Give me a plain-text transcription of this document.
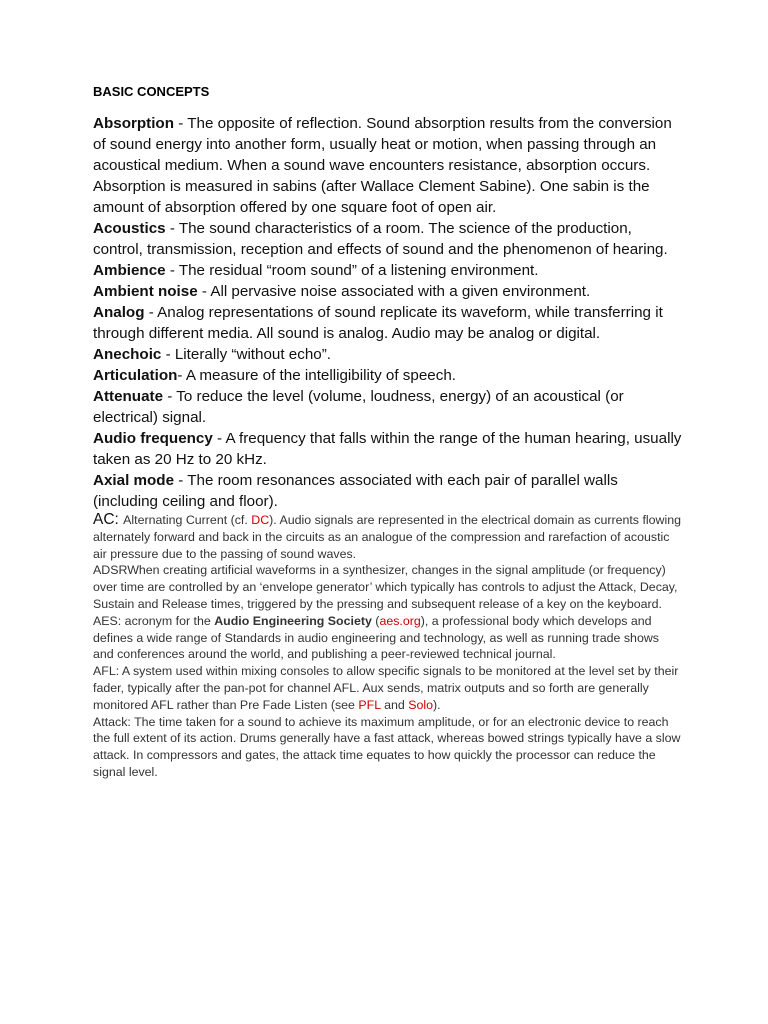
BASIC CONCEPTS

Absorption - The opposite of reflection. Sound absorption results from the conversion of sound energy into another form, usually heat or motion, when passing through an acoustical medium. When a sound wave encounters resistance, absorption occurs. Absorption is measured in sabins (after Wallace Clement Sabine). One sabin is the amount of absorption offered by one square foot of open air.

Acoustics - The sound characteristics of a room. The science of the production, control, transmission, reception and effects of sound and the phenomenon of hearing.

Ambience - The residual “room sound” of a listening environment.

Ambient noise - All pervasive noise associated with a given environment.

Analog - Analog representations of sound replicate its waveform, while transferring it through different media. All sound is analog. Audio may be analog or digital.

Anechoic - Literally “without echo”.

Articulation- A measure of the intelligibility of speech.

Attenuate - To reduce the level (volume, loudness, energy) of an acoustical (or electrical) signal.

Audio frequency - A frequency that falls within the range of the human hearing, usually taken as 20 Hz to 20 kHz.

Axial mode - The room resonances associated with each pair of parallel walls (including ceiling and floor).

AC: Alternating Current (cf. DC). Audio signals are represented in the electrical domain as currents flowing alternately forward and back in the circuits as an analogue of the compression and rarefaction of acoustic air pressure due to the passing of sound waves.

ADSRWhen creating artificial waveforms in a synthesizer, changes in the signal amplitude (or frequency) over time are controlled by an ‘envelope generator’ which typically has controls to adjust the Attack, Decay, Sustain and Release times, triggered by the pressing and subsequent release of a key on the keyboard.

AES: acronym for the Audio Engineering Society (aes.org), a professional body which develops and defines a wide range of Standards in audio engineering and technology, as well as running trade shows and conferences around the world, and publishing a peer-reviewed technical journal.

AFL: A system used within mixing consoles to allow specific signals to be monitored at the level set by their fader, typically after the pan-pot for channel AFL. Aux sends, matrix outputs and so forth are generally monitored AFL rather than Pre Fade Listen (see PFL and Solo).

Attack: The time taken for a sound to achieve its maximum amplitude, or for an electronic device to reach the full extent of its action. Drums generally have a fast attack, whereas bowed strings typically have a slow attack. In compressors and gates, the attack time equates to how quickly the processor can reduce the signal level.
